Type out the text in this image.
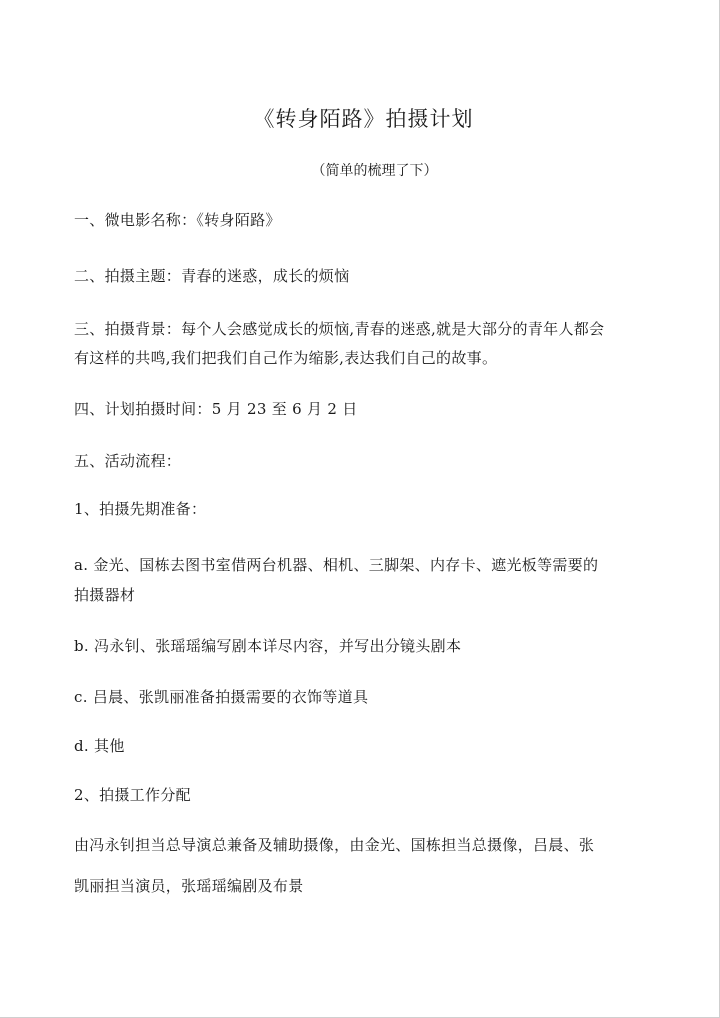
《转身陌路》拍摄计划
（简单的梳理了下）
一、微电影名称：《转身陌路》
二、拍摄主题：青春的迷惑，成长的烦恼
三、拍摄背景：每个人会感觉成长的烦恼,青春的迷惑,就是大部分的青年人都会
有这样的共鸣,我们把我们自己作为缩影,表达我们自己的故事。
四、计划拍摄时间：5 月 23 至 6 月 2 日
五、活动流程：
1、拍摄先期准备：
a. 金光、国栋去图书室借两台机器、相机、三脚架、内存卡、遮光板等需要的
拍摄器材
b. 冯永钊、张瑶瑶编写剧本详尽内容，并写出分镜头剧本
c. 吕晨、张凯丽准备拍摄需要的衣饰等道具
d. 其他
2、拍摄工作分配
由冯永钊担当总导演总兼备及辅助摄像，由金光、国栋担当总摄像，吕晨、张
凯丽担当演员，张瑶瑶编剧及布景
